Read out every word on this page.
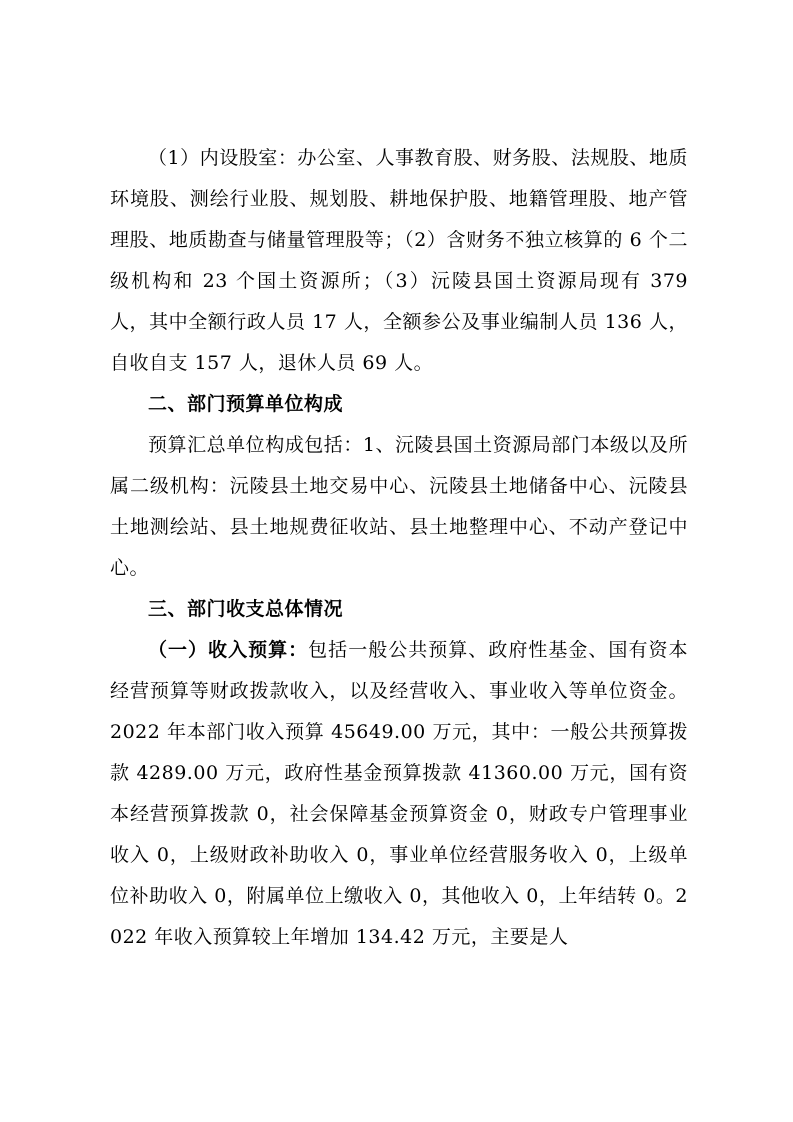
（1）内设股室：办公室、人事教育股、财务股、法规股、地质环境股、测绘行业股、规划股、耕地保护股、地籍管理股、地产管理股、地质勘查与储量管理股等；（2）含财务不独立核算的 6 个二级机构和 23 个国土资源所；（3）沅陵县国土资源局现有 379 人，其中全额行政人员 17 人，全额参公及事业编制人员 136 人，自收自支 157 人，退休人员 69 人。

二、部门预算单位构成

预算汇总单位构成包括：1、沅陵县国土资源局部门本级以及所属二级机构：沅陵县土地交易中心、沅陵县土地储备中心、沅陵县土地测绘站、县土地规费征收站、县土地整理中心、不动产登记中心。

三、部门收支总体情况

（一）收入预算：包括一般公共预算、政府性基金、国有资本经营预算等财政拨款收入，以及经营收入、事业收入等单位资金。2022 年本部门收入预算 45649.00 万元，其中：一般公共预算拨款 4289.00 万元，政府性基金预算拨款 41360.00 万元，国有资本经营预算拨款 0，社会保障基金预算资金 0，财政专户管理事业收入 0，上级财政补助收入 0，事业单位经营服务收入 0，上级单位补助收入 0，附属单位上缴收入 0，其他收入 0，上年结转 0。2022 年收入预算较上年增加 134.42 万元，主要是人
